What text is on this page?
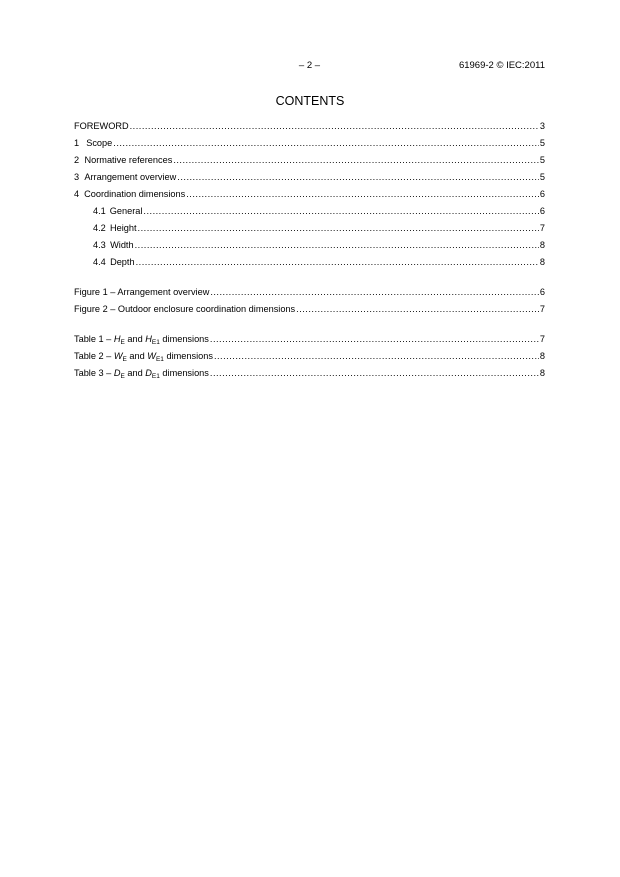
– 2 –	61969-2 © IEC:2011
CONTENTS
FOREWORD .....	3
1 Scope .....	5
2 Normative references .....	5
3 Arrangement overview .....	5
4 Coordination dimensions .....	6
4.1 General .....	6
4.2 Height .....	7
4.3 Width .....	8
4.4 Depth .....	8
Figure 1 – Arrangement overview .....	6
Figure 2 – Outdoor enclosure coordination dimensions .....	7
Table $1 - H_E$ and $H_{E1}$ dimensions .....	7
Table $2 - W_E$ and $W_{E1}$ dimensions .....	8
Table $3 - D_E$ and $D_{E1}$ dimensions .....	8
